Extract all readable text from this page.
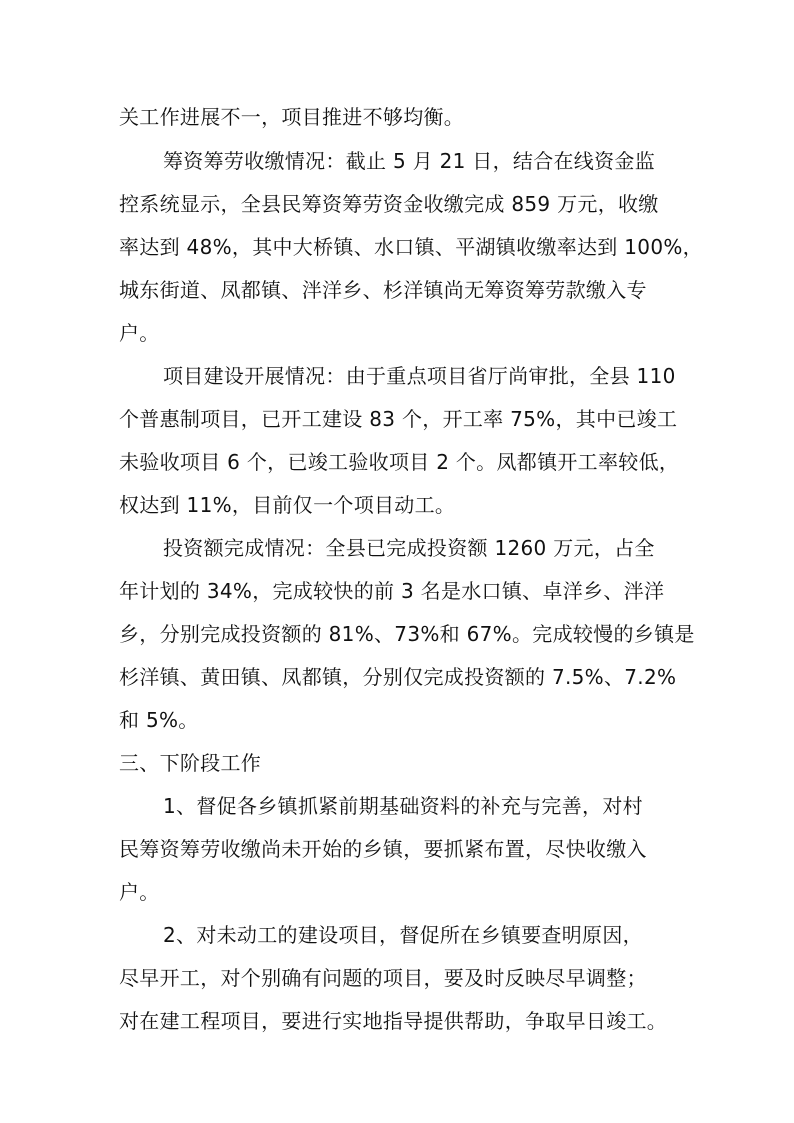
关工作进展不一，项目推进不够均衡。
筹资筹劳收缴情况：截止 5 月 21 日，结合在线资金监
控系统显示，全县民筹资筹劳资金收缴完成 859 万元，收缴
率达到 48%，其中大桥镇、水口镇、平湖镇收缴率达到 100%，
城东街道、凤都镇、泮洋乡、杉洋镇尚无筹资筹劳款缴入专
户。
项目建设开展情况：由于重点项目省厅尚审批，全县 110
个普惠制项目，已开工建设 83 个，开工率 75%，其中已竣工
未验收项目 6 个，已竣工验收项目 2 个。凤都镇开工率较低，
权达到 11%，目前仅一个项目动工。
投资额完成情况：全县已完成投资额 1260 万元，占全
年计划的 34%，完成较快的前 3 名是水口镇、卓洋乡、泮洋
乡，分别完成投资额的 81%、73%和 67%。完成较慢的乡镇是
杉洋镇、黄田镇、凤都镇，分别仅完成投资额的 7.5%、7.2%
和 5%。
三、下阶段工作
1、督促各乡镇抓紧前期基础资料的补充与完善，对村
民筹资筹劳收缴尚未开始的乡镇，要抓紧布置，尽快收缴入
户。
2、对未动工的建设项目，督促所在乡镇要查明原因，
尽早开工，对个别确有问题的项目，要及时反映尽早调整；
对在建工程项目，要进行实地指导提供帮助，争取早日竣工。
